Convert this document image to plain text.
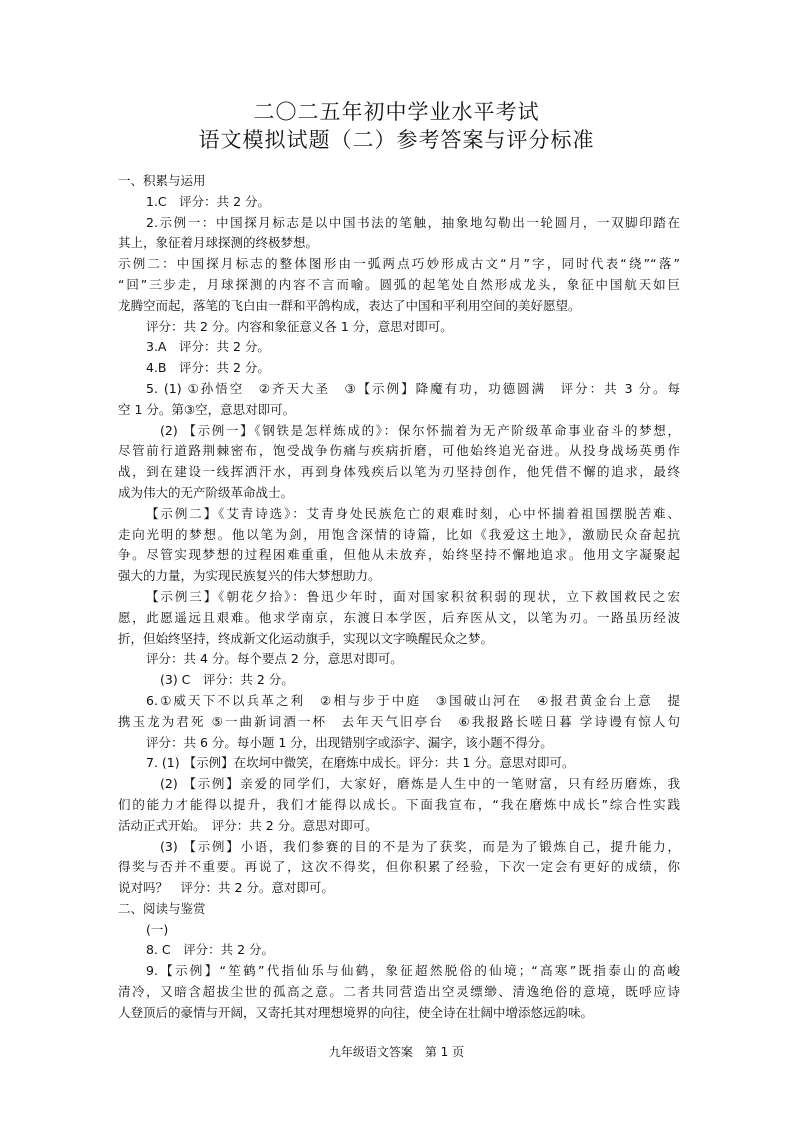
二〇二五年初中学业水平考试
语文模拟试题（二）参考答案与评分标准
一、积累与运用
1.C　评分：共 2 分。
2.示例一：中国探月标志是以中国书法的笔触，抽象地勾勒出一轮圆月，一双脚印踏在
其上，象征着月球探测的终极梦想。
示例二：中国探月标志的整体图形由一弧两点巧妙形成古文“月”字，同时代表“绕”“落”
“回”三步走，月球探测的内容不言而喻。圆弧的起笔处自然形成龙头，象征中国航天如巨
龙腾空而起，落笔的飞白由一群和平鸽构成，表达了中国和平利用空间的美好愿望。
评分：共 2 分。内容和象征意义各 1 分，意思对即可。
3.A　评分：共 2 分。
4.B　评分：共 2 分。
5. (1) ①孙悟空　②齐天大圣　③【示例】降魔有功，功德圆满　评分：共 3 分。每
空 1 分。第③空，意思对即可。
(2) 【示例一】《钢铁是怎样炼成的》：保尔怀揣着为无产阶级革命事业奋斗的梦想，
尽管前行道路荆棘密布，饱受战争伤痛与疾病折磨，可他始终追光奋进。从投身战场英勇作
战，到在建设一线挥洒汗水，再到身体残疾后以笔为刃坚持创作，他凭借不懈的追求，最终
成为伟大的无产阶级革命战士。
【示例二】《艾青诗选》：艾青身处民族危亡的艰难时刻，心中怀揣着祖国摆脱苦难、
走向光明的梦想。他以笔为剑，用饱含深情的诗篇，比如《我爱这土地》，激励民众奋起抗
争。尽管实现梦想的过程困难重重，但他从未放弃，始终坚持不懈地追求。他用文字凝聚起
强大的力量，为实现民族复兴的伟大梦想助力。
【示例三】《朝花夕拾》：鲁迅少年时，面对国家积贫积弱的现状，立下救国救民之宏
愿，此愿遥远且艰难。他求学南京，东渡日本学医，后弃医从文，以笔为刃。一路虽历经波
折，但始终坚持，终成新文化运动旗手，实现以文字唤醒民众之梦。
评分：共 4 分。每个要点 2 分，意思对即可。
(3) C　评分：共 2 分。
6.①威天下不以兵革之利　②相与步于中庭　③国破山河在　④报君黄金台上意　提
携玉龙为君死 ⑤一曲新词酒一杯　去年天气旧亭台　⑥我报路长嗟日暮 学诗谩有惊人句
评分：共 6 分。每小题 1 分，出现错别字或添字、漏字，该小题不得分。
7. (1) 【示例】在坎坷中微笑，在磨炼中成长。评分：共 1 分。意思对即可。
(2) 【示例】亲爱的同学们，大家好，磨炼是人生中的一笔财富，只有经历磨炼，我
们的能力才能得以提升，我们才能得以成长。下面我宣布，“我在磨炼中成长”综合性实践
活动正式开始。　评分：共 2 分。意思对即可。
(3) 【示例】小语，我们参赛的目的不是为了获奖，而是为了锻炼自己，提升能力，
得奖与否并不重要。再说了，这次不得奖，但你积累了经验，下次一定会有更好的成绩，你
说对吗？　评分：共 2 分。意对即可。
二、阅读与鉴赏
(一)
8. C　评分：共 2 分。
9.【示例】“笙鹤”代指仙乐与仙鹤，象征超然脱俗的仙境；“高寒”既指泰山的高峻
清冷，又暗含超拔尘世的孤高之意。二者共同营造出空灵缥缈、清逸绝俗的意境，既呼应诗
人登顶后的豪情与开阔，又寄托其对理想境界的向往，使全诗在壮阔中增添悠远韵味。
九年级语文答案　第 1 页
